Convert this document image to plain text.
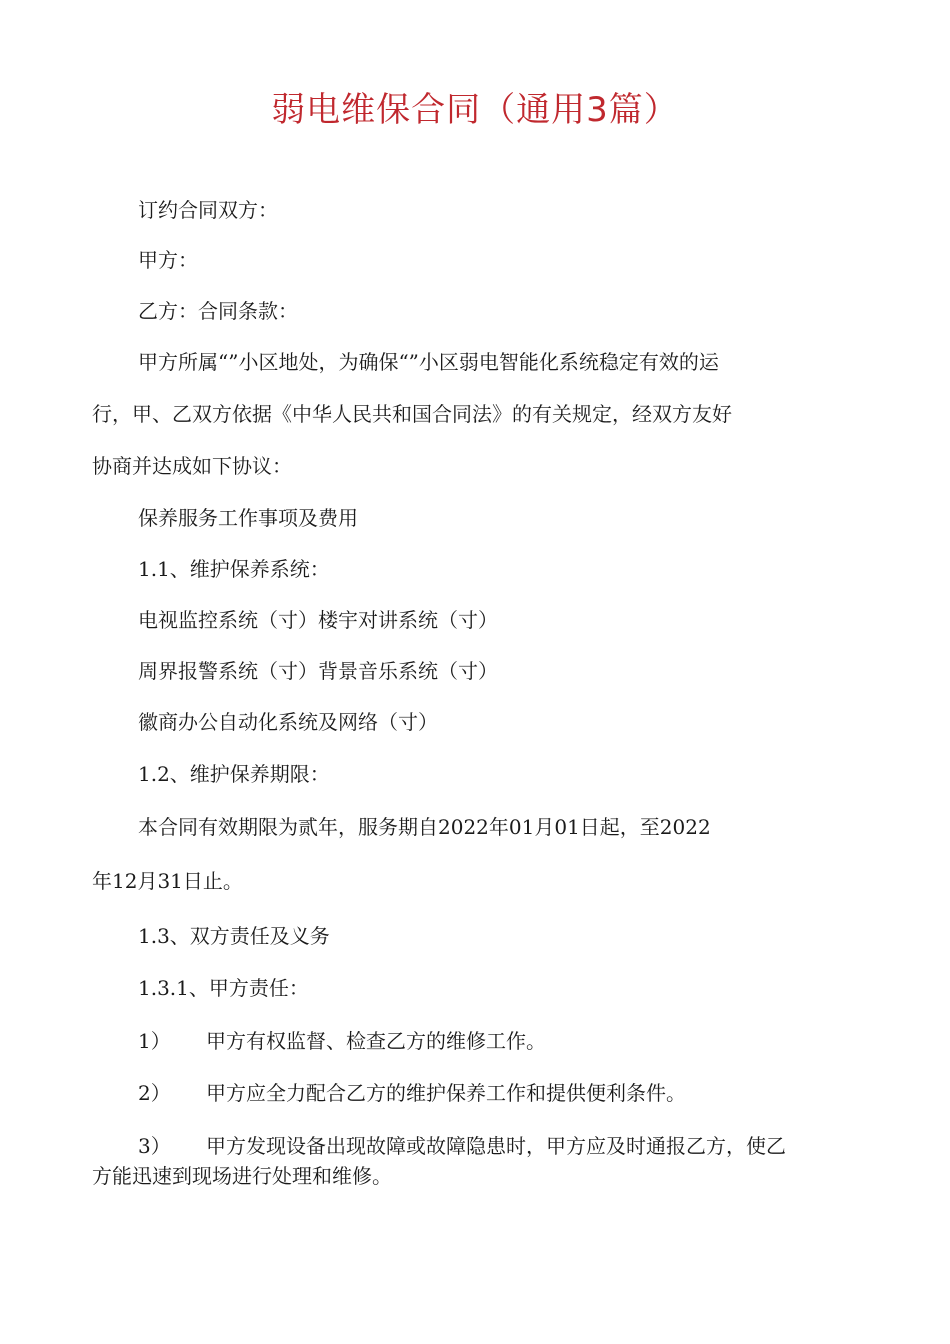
弱电维保合同（通用3篇）

订约合同双方：

甲方：

乙方：合同条款：

甲方所属“”小区地处，为确保“”小区弱电智能化系统稳定有效的运

行，甲、乙双方依据《中华人民共和国合同法》的有关规定，经双方友好

协商并达成如下协议：

保养服务工作事项及费用

1.1、维护保养系统：

电视监控系统（寸）楼宇对讲系统（寸）

周界报警系统（寸）背景音乐系统（寸）

徽商办公自动化系统及网络（寸）

1.2、维护保养期限：

本合同有效期限为贰年，服务期自2022年01月01日起，至2022

年12月31日止。

1.3、双方责任及义务

1.3.1、甲方责任：

1） 甲方有权监督、检查乙方的维修工作。
2） 甲方应全力配合乙方的维护保养工作和提供便利条件。
3） 甲方发现设备出现故障或故障隐患时，甲方应及时通报乙方，使乙
方能迅速到现场进行处理和维修。
